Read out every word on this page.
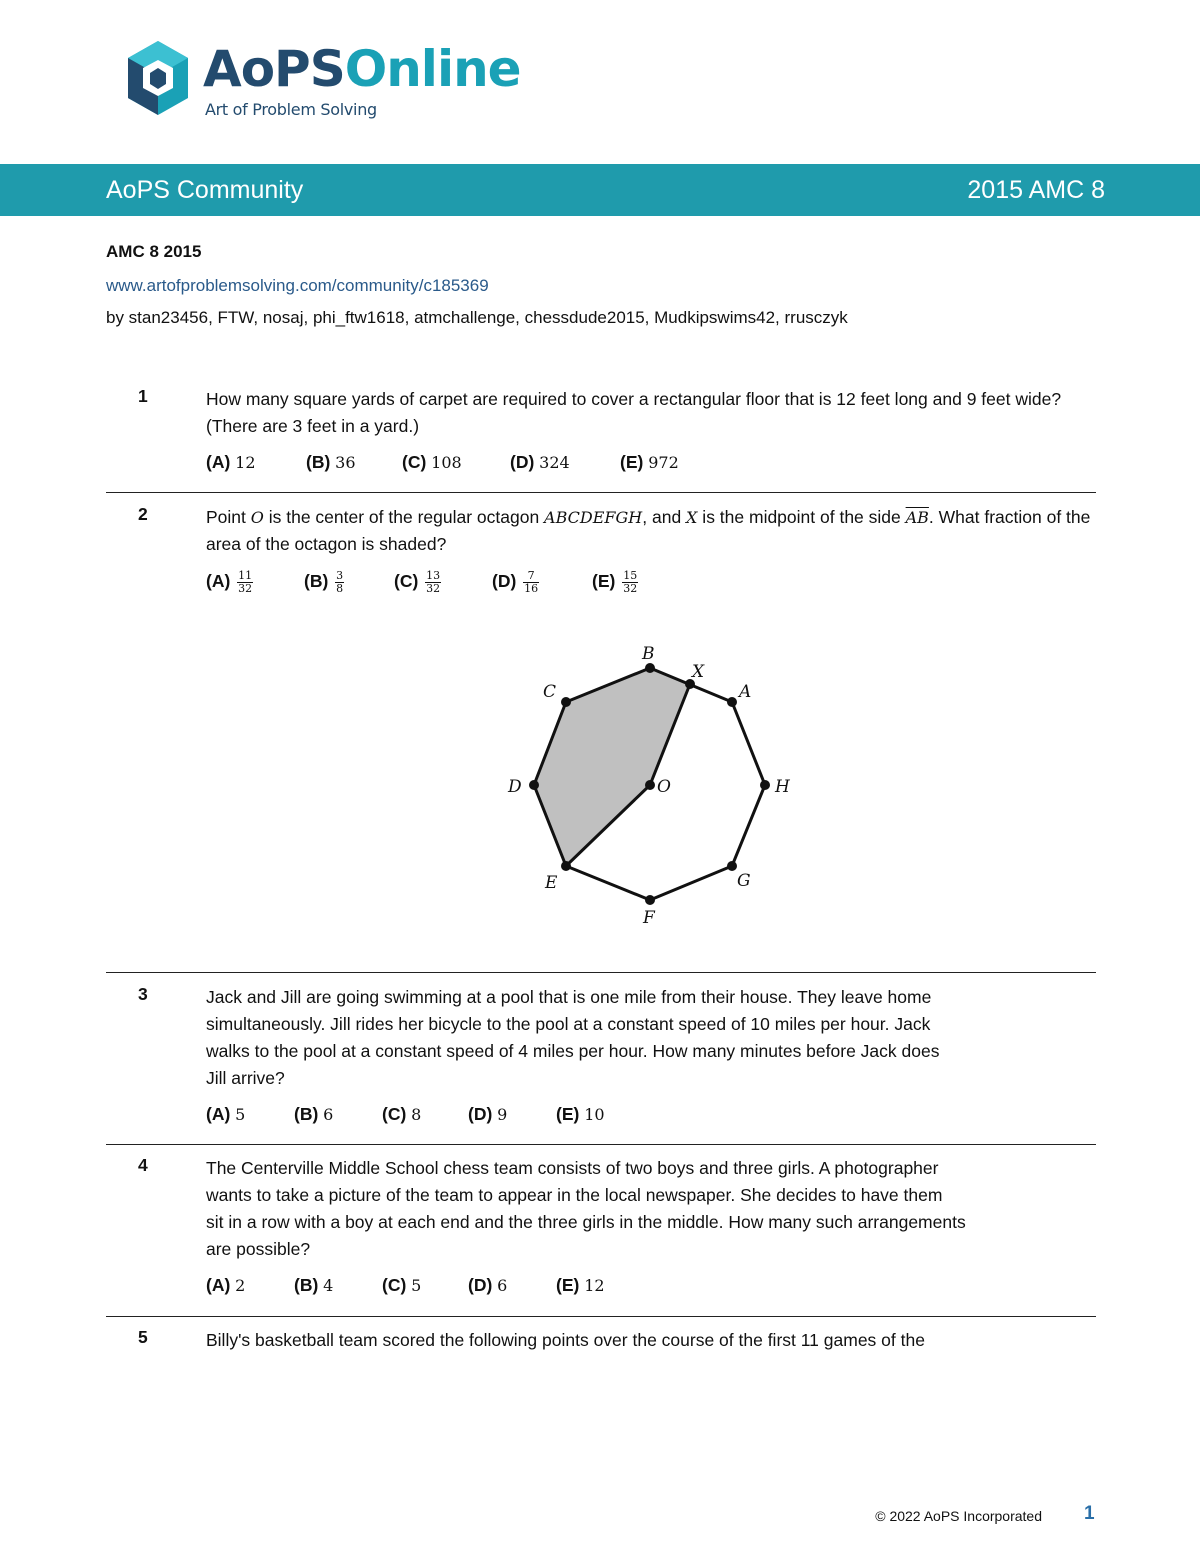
AoPSOnline
Art of Problem Solving
AoPS Community	2015 AMC 8
AMC 8 2015
www.artofproblemsolving.com/community/c185369
by stan23456, FTW, nosaj, phi_ftw1618, atmchallenge, chessdude2015, Mudkipswims42, rrusczyk
1	How many square yards of carpet are required to cover a rectangular floor that is 12 feet long and 9 feet wide? (There are 3 feet in a yard.)
(A) 12	(B) 36	(C) 108	(D) 324	(E) 972
2	Point O is the center of the regular octagon ABCDEFGH, and X is the midpoint of the side $\overline{AB}$. What fraction of the area of the octagon is shaded?
$(A) \frac{11}{32}$	$(B) \frac{3}{8}$	$(C) \frac{13}{32}$	$(D) \frac{7}{16}$	$(E) \frac{15}{32}$
A
B
C
D
E
F
G
H
O
X
3	Jack and Jill are going swimming at a pool that is one mile from their house. They leave home
simultaneously. Jill rides her bicycle to the pool at a constant speed of 10 miles per hour. Jack
walks to the pool at a constant speed of 4 miles per hour. How many minutes before Jack does
Jill arrive?
(A) 5	(B) 6	(C) 8	(D) 9	(E) 10
4	The Centerville Middle School chess team consists of two boys and three girls. A photographer
wants to take a picture of the team to appear in the local newspaper. She decides to have them
sit in a row with a boy at each end and the three girls in the middle. How many such arrangements
are possible?
(A) 2	(B) 4	(C) 5	(D) 6	(E) 12
5	Billy's basketball team scored the following points over the course of the first 11 games of the
© 2022 AoPS Incorporated 1
